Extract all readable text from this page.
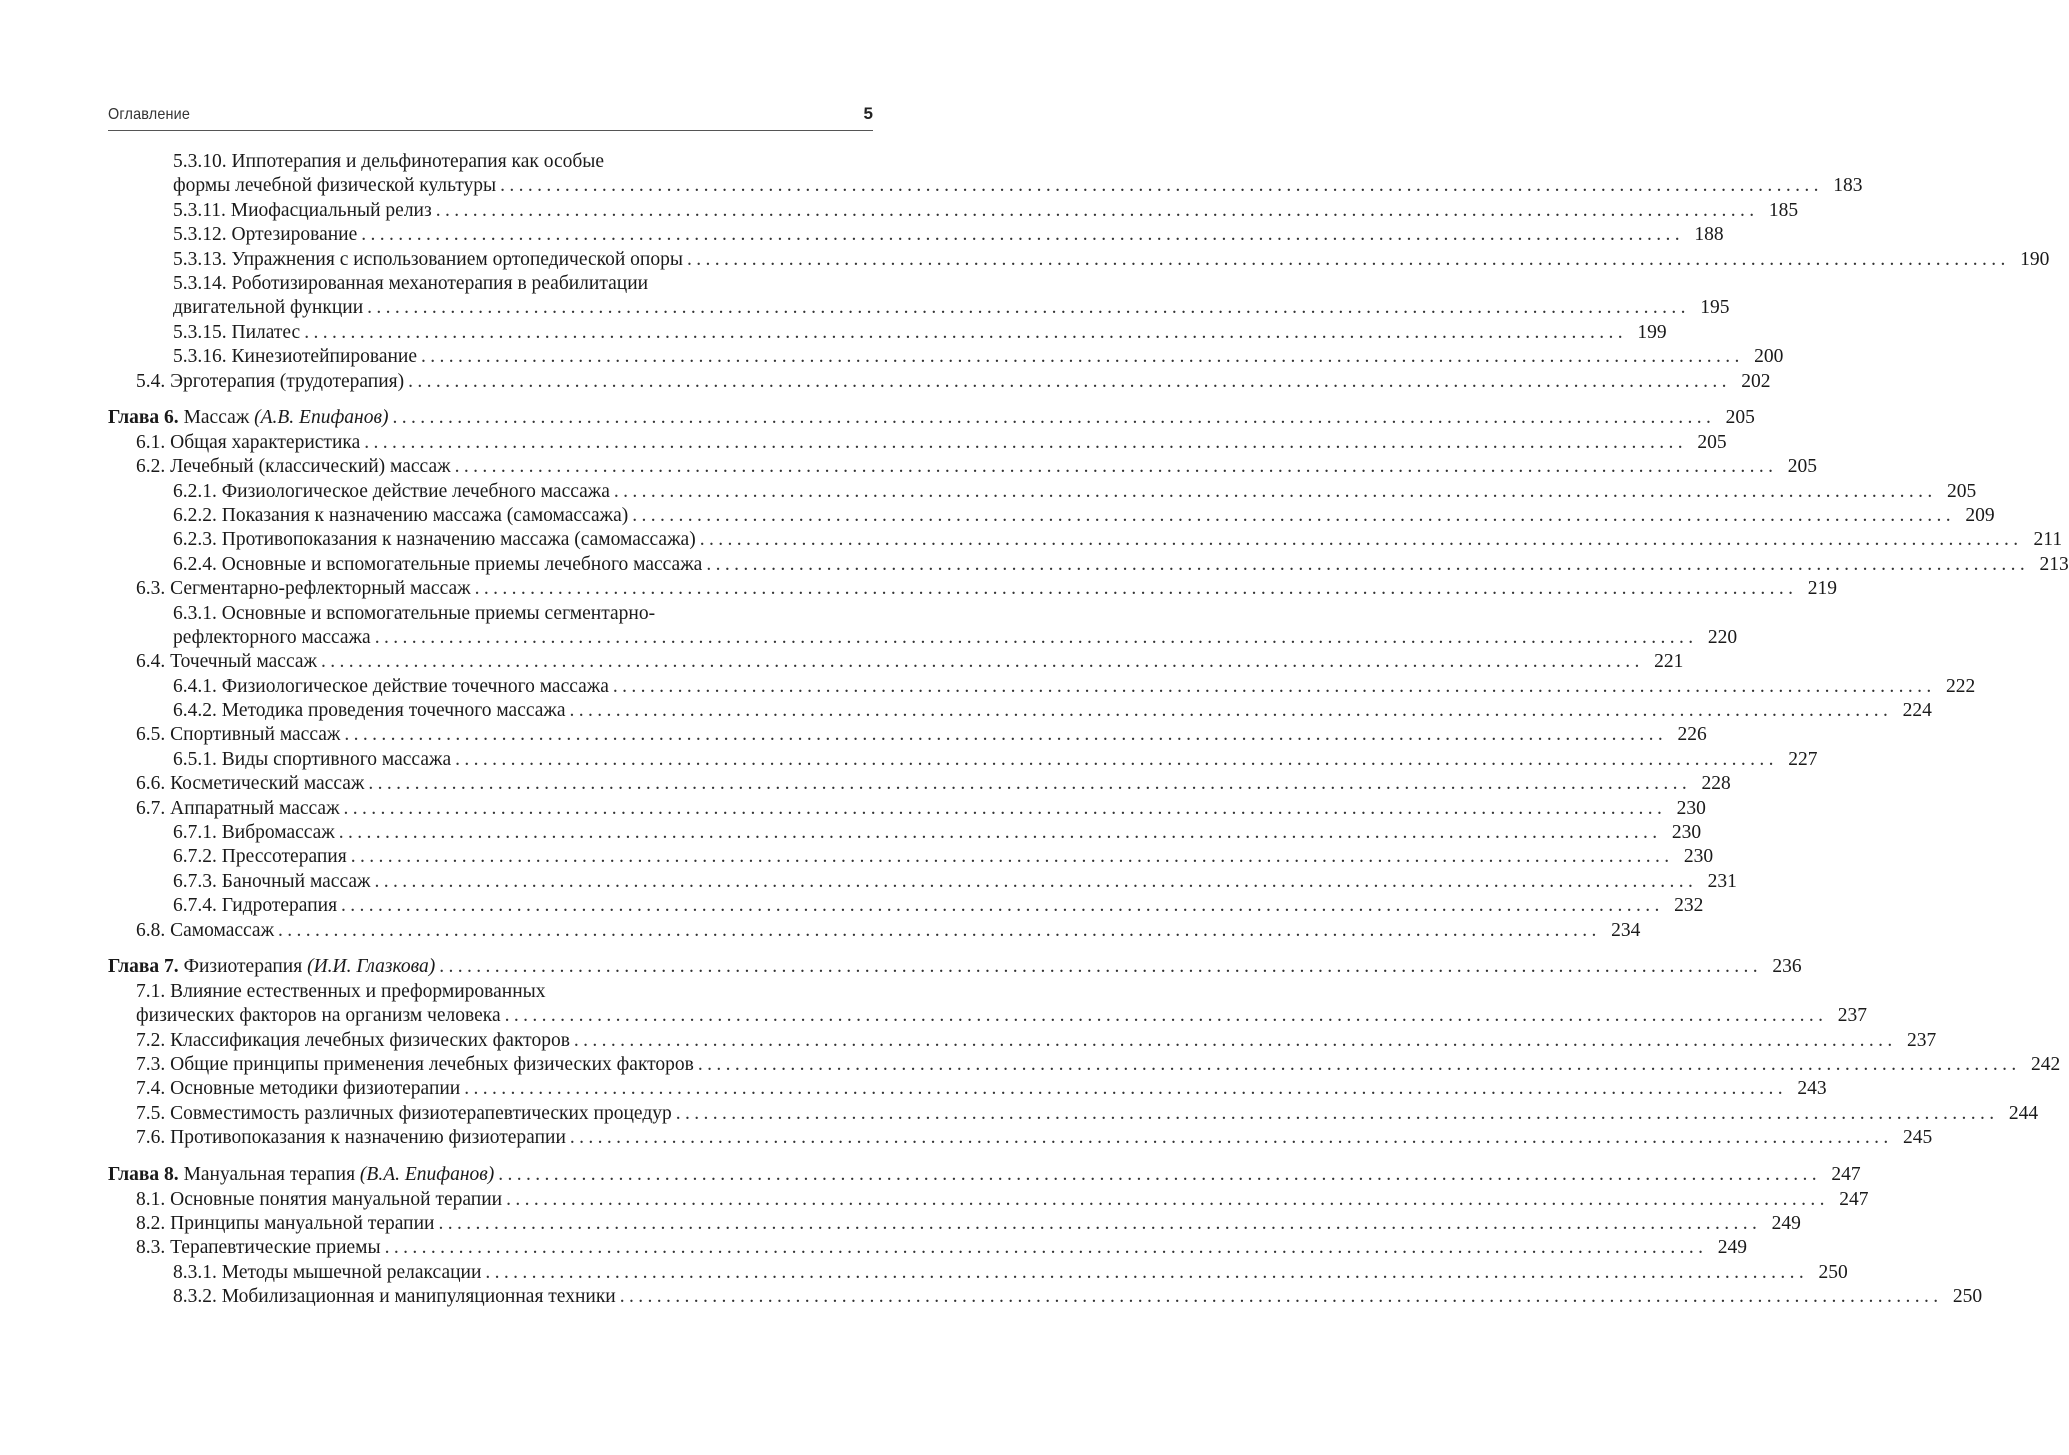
Оглавление	5
5.3.10. Иппотерапия и дельфинотерапия как особые
формы лечебной физической культуры . . .	183
5.3.11. Миофасциальный релиз . . .	185
5.3.12. Ортезирование . . .	188
5.3.13. Упражнения с использованием ортопедической опоры . . .	190
5.3.14. Роботизированная механотерапия в реабилитации
двигательной функции . . .	195
5.3.15. Пилатес . . .	199
5.3.16. Кинезиотейпирование . . .	200
5.4. Эрготерапия (трудотерапия) . . .	202
Глава 6. Массаж (А.В. Епифанов) . . .	205
6.1. Общая характеристика . . .	205
6.2. Лечебный (классический) массаж . . .	205
6.2.1. Физиологическое действие лечебного массажа . . .	205
6.2.2. Показания к назначению массажа (самомассажа) . . .	209
6.2.3. Противопоказания к назначению массажа (самомассажа) . . .	211
6.2.4. Основные и вспомогательные приемы лечебного массажа . . .	213
6.3. Сегментарно-рефлекторный массаж . . .	219
6.3.1. Основные и вспомогательные приемы сегментарно-
рефлекторного массажа . . .	220
6.4. Точечный массаж . . .	221
6.4.1. Физиологическое действие точечного массажа . . .	222
6.4.2. Методика проведения точечного массажа . . .	224
6.5. Спортивный массаж . . .	226
6.5.1. Виды спортивного массажа . . .	227
6.6. Косметический массаж . . .	228
6.7. Аппаратный массаж . . .	230
6.7.1. Вибромассаж . . .	230
6.7.2. Прессотерапия . . .	230
6.7.3. Баночный массаж . . .	231
6.7.4. Гидротерапия . . .	232
6.8. Самомассаж . . .	234
Глава 7. Физиотерапия (И.И. Глазкова) . . .	236
7.1. Влияние естественных и преформированных
физических факторов на организм человека . . .	237
7.2. Классификация лечебных физических факторов . . .	237
7.3. Общие принципы применения лечебных физических факторов . . .	242
7.4. Основные методики физиотерапии . . .	243
7.5. Совместимость различных физиотерапевтических процедур . . .	244
7.6. Противопоказания к назначению физиотерапии . . .	245
Глава 8. Мануальная терапия (В.А. Епифанов) . . .	247
8.1. Основные понятия мануальной терапии . . .	247
8.2. Принципы мануальной терапии . . .	249
8.3. Терапевтические приемы . . .	249
8.3.1. Методы мышечной релаксации . . .	250
8.3.2. Мобилизационная и манипуляционная техники . . .	250
